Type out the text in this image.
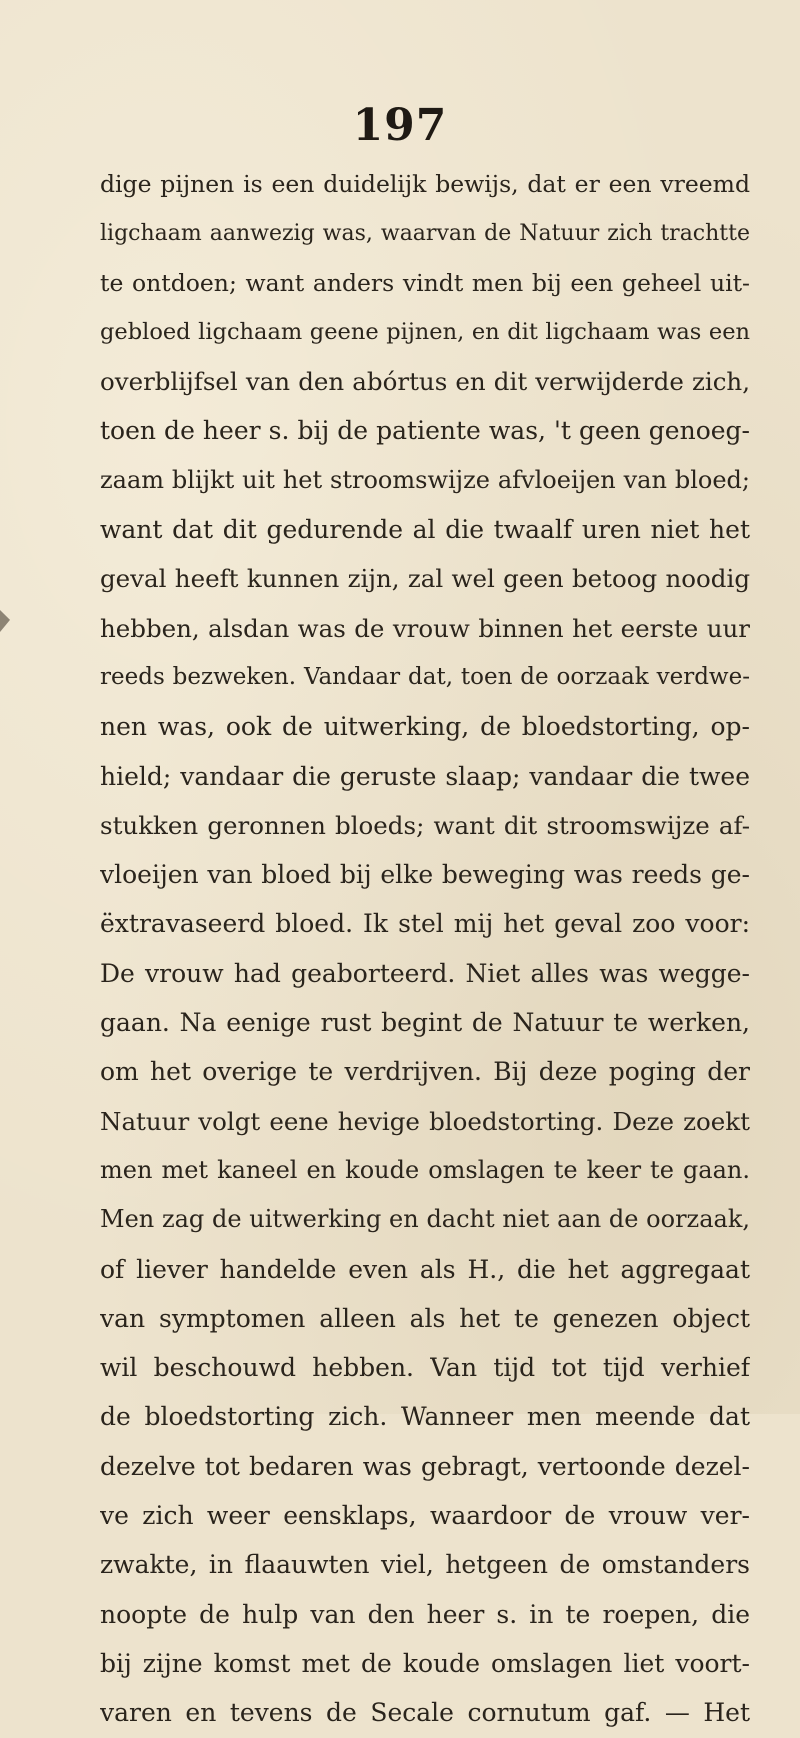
197
dige pijnen is een duidelijk bewijs, dat er een vreemd
ligchaam aanwezig was, waarvan de Natuur zich trachtte
te ontdoen; want anders vindt men bij een geheel uit-
gebloed ligchaam geene pijnen, en dit ligchaam was een
overblijfsel van den abórtus en dit verwijderde zich,
toen de heer s. bij de patiente was, 't geen genoeg-
zaam blijkt uit het stroomswijze afvloeijen van bloed;
want dat dit gedurende al die twaalf uren niet het
geval heeft kunnen zijn, zal wel geen betoog noodig
hebben, alsdan was de vrouw binnen het eerste uur
reeds bezweken. Vandaar dat, toen de oorzaak verdwe-
nen was, ook de uitwerking, de bloedstorting, op-
hield; vandaar die geruste slaap; vandaar die twee
stukken geronnen bloeds; want dit stroomswijze af-
vloeijen van bloed bij elke beweging was reeds ge-
ëxtravaseerd bloed. Ik stel mij het geval zoo voor:
De vrouw had geaborteerd. Niet alles was wegge-
gaan. Na eenige rust begint de Natuur te werken,
om het overige te verdrijven. Bij deze poging der
Natuur volgt eene hevige bloedstorting. Deze zoekt
men met kaneel en koude omslagen te keer te gaan.
Men zag de uitwerking en dacht niet aan de oorzaak,
of liever handelde even als H., die het aggregaat
van symptomen alleen als het te genezen object
wil beschouwd hebben. Van tijd tot tijd verhief
de bloedstorting zich. Wanneer men meende dat
dezelve tot bedaren was gebragt, vertoonde dezel-
ve zich weer eensklaps, waardoor de vrouw ver-
zwakte, in flaauwten viel, hetgeen de omstanders
noopte de hulp van den heer s. in te roepen, die
bij zijne komst met de koude omslagen liet voort-
varen en tevens de Secale cornutum gaf. — Het
